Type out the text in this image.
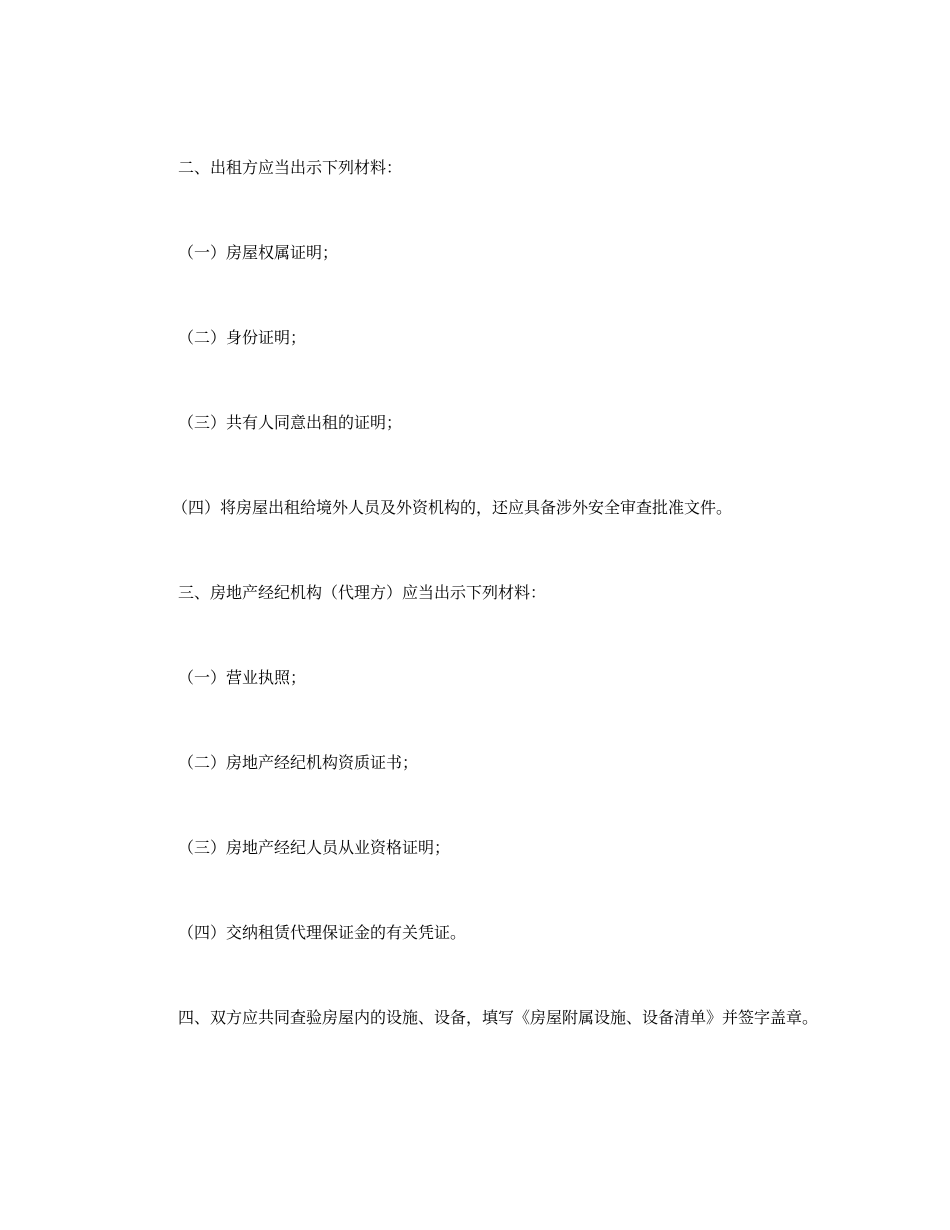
二、出租方应当出示下列材料：

（一）房屋权属证明；

（二）身份证明；

（三）共有人同意出租的证明；

（四）将房屋出租给境外人员及外资机构的，还应具备涉外安全审查批准文件。

三、房地产经纪机构（代理方）应当出示下列材料：

（一）营业执照；

（二）房地产经纪机构资质证书；

（三）房地产经纪人员从业资格证明；

（四）交纳租赁代理保证金的有关凭证。

四、双方应共同查验房屋内的设施、设备，填写《房屋附属设施、设备清单》并签字盖章。
